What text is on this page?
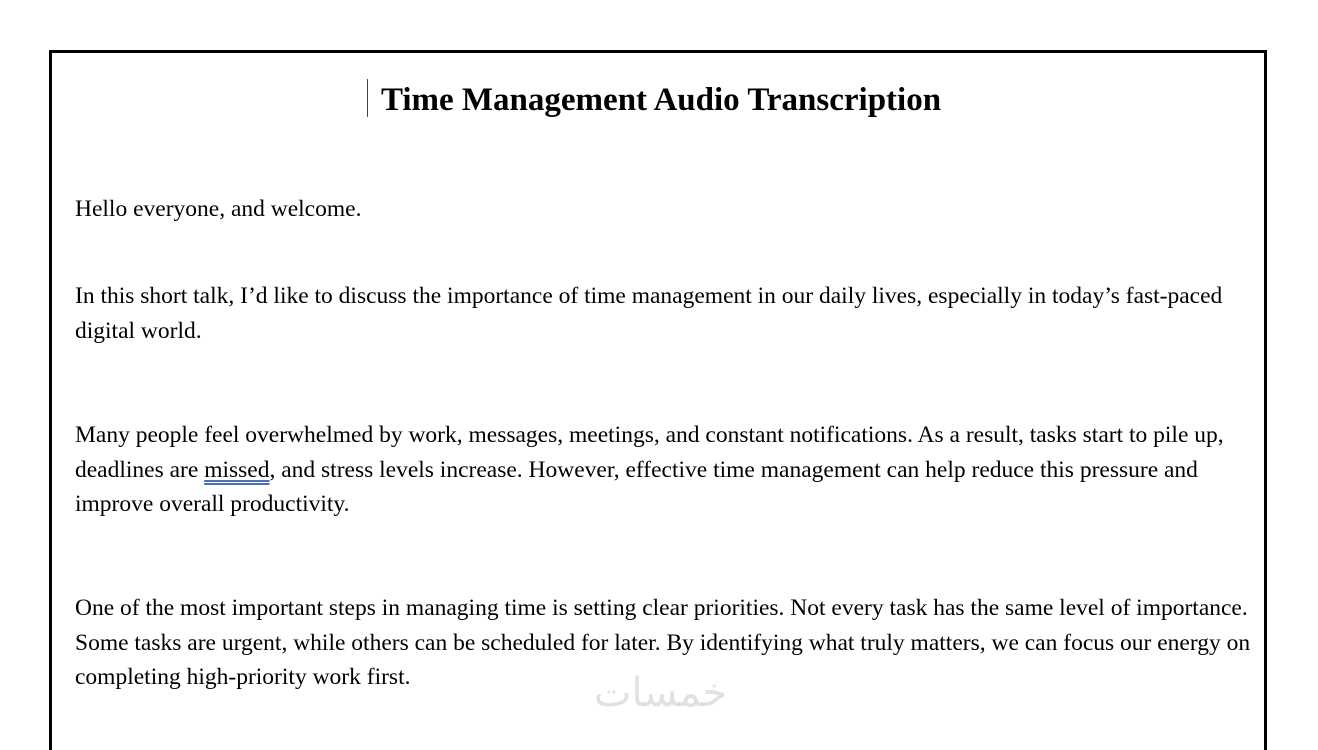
Time Management Audio Transcription

Hello everyone, and welcome.

In this short talk, I’d like to discuss the importance of time management in our daily lives, especially in today’s fast-paced digital world.

Many people feel overwhelmed by work, messages, meetings, and constant notifications. As a result, tasks start to pile up, deadlines are missed, and stress levels increase. However, effective time management can help reduce this pressure and improve overall productivity.

One of the most important steps in managing time is setting clear priorities. Not every task has the same level of importance. Some tasks are urgent, while others can be scheduled for later. By identifying what truly matters, we can focus our energy on completing high-priority work first.	خمسات
